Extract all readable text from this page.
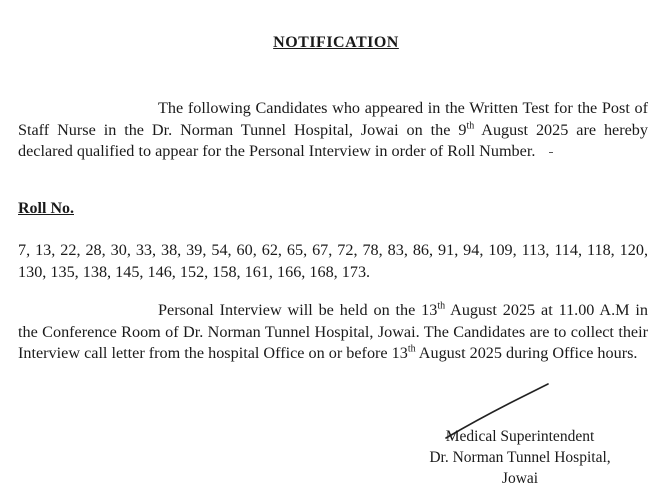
NOTIFICATION
The following Candidates who appeared in the Written Test for the Post of Staff Nurse in the Dr. Norman Tunnel Hospital, Jowai on the 9th August 2025 are hereby declared qualified to appear for the Personal Interview in order of Roll Number.
Roll No.
7, 13, 22, 28, 30, 33, 38, 39, 54, 60, 62, 65, 67, 72, 78, 83, 86, 91, 94, 109, 113, 114, 118, 120, 130, 135, 138, 145, 146, 152, 158, 161, 166, 168, 173.
Personal Interview will be held on the 13th August 2025 at 11.00 A.M in the Conference Room of Dr. Norman Tunnel Hospital, Jowai. The Candidates are to collect their Interview call letter from the hospital Office on or before 13th August 2025 during Office hours.
Medical Superintendent
Dr. Norman Tunnel Hospital,
Jowai
